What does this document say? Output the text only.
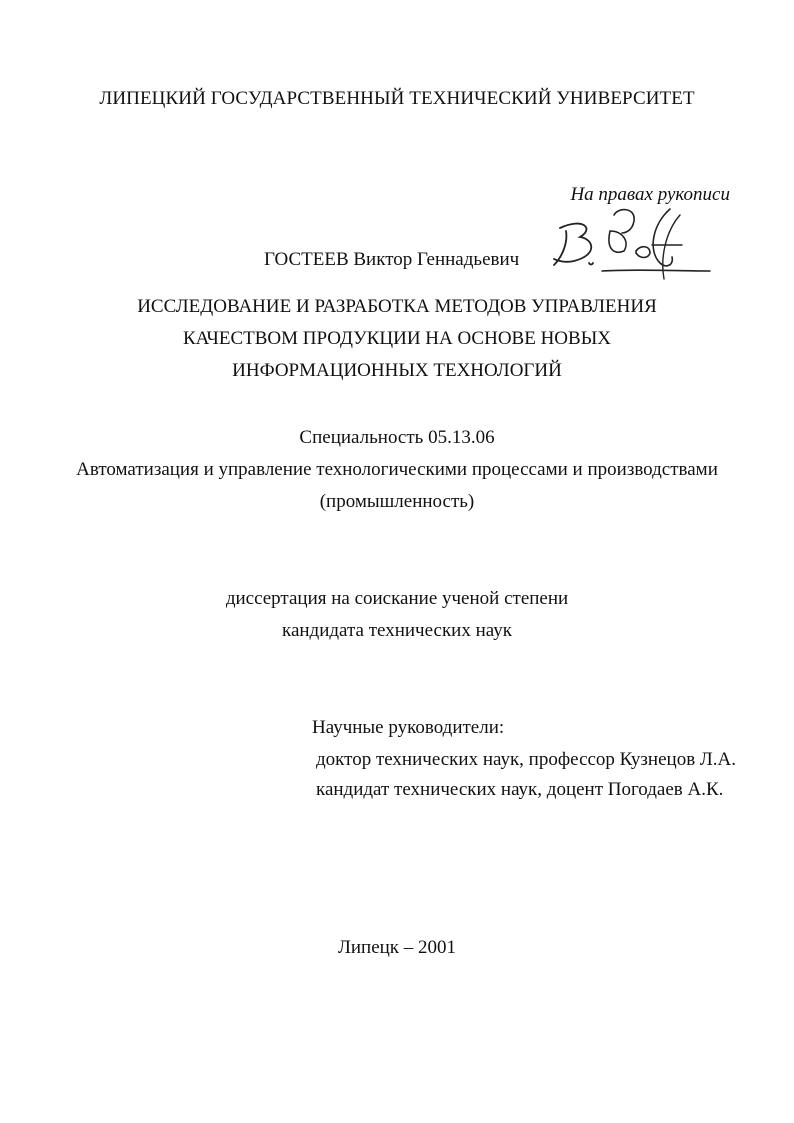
ЛИПЕЦКИЙ ГОСУДАРСТВЕННЫЙ ТЕХНИЧЕСКИЙ УНИВЕРСИТЕТ
На правах рукописи
ГОСТЕЕВ Виктор Геннадьевич
ИССЛЕДОВАНИЕ И РАЗРАБОТКА МЕТОДОВ УПРАВЛЕНИЯ
КАЧЕСТВОМ ПРОДУКЦИИ НА ОСНОВЕ НОВЫХ
ИНФОРМАЦИОННЫХ ТЕХНОЛОГИЙ
Специальность 05.13.06
Автоматизация и управление технологическими процессами и производствами
(промышленность)
диссертация на соискание ученой степени
кандидата технических наук
Научные руководители:
доктор технических наук, профессор Кузнецов Л.А.
кандидат технических наук, доцент Погодаев А.К.
Липецк – 2001
